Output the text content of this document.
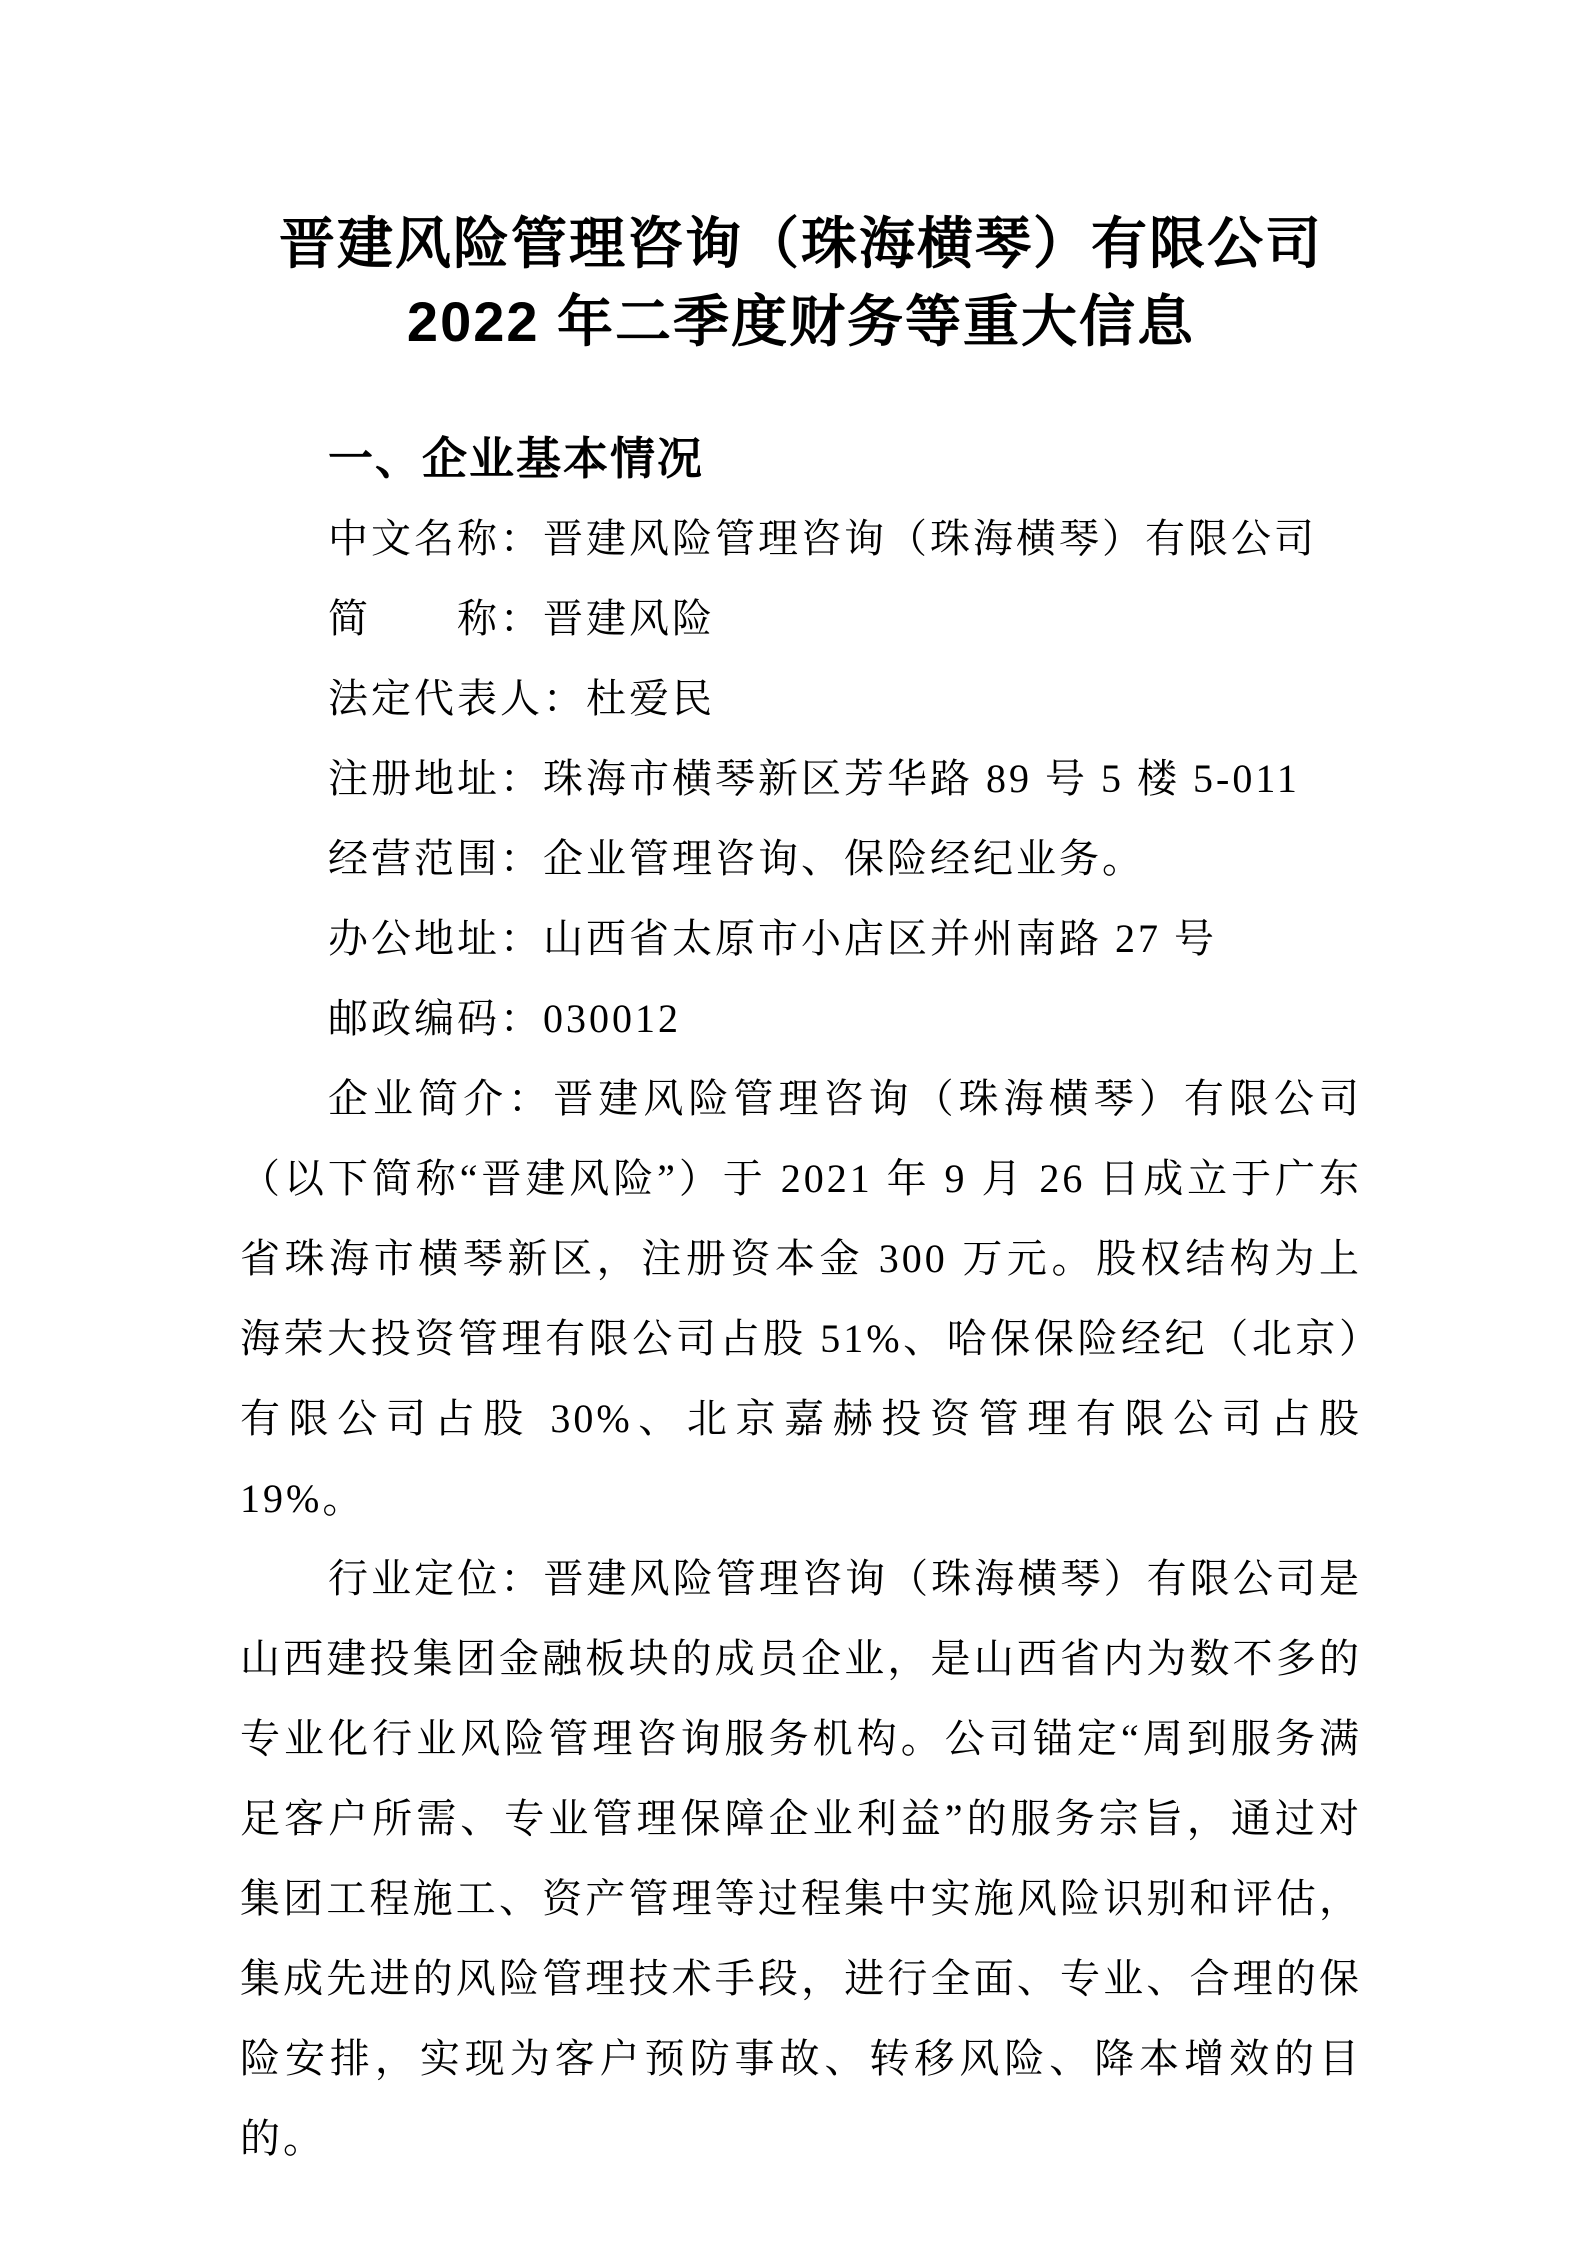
晋建风险管理咨询（珠海横琴）有限公司
2022 年二季度财务等重大信息
一、企业基本情况
中文名称：晋建风险管理咨询（珠海横琴）有限公司
简　　称：晋建风险
法定代表人：杜爱民
注册地址：珠海市横琴新区芳华路 89 号 5 楼 5-011
经营范围：企业管理咨询、保险经纪业务。
办公地址：山西省太原市小店区并州南路 27 号
邮政编码：030012

企业简介：晋建风险管理咨询（珠海横琴）有限公司（以下简称“晋建风险”）于 2021 年 9 月 26 日成立于广东省珠海市横琴新区，注册资本金 300 万元。股权结构为上海荣大投资管理有限公司占股 51%、哈保保险经纪（北京）有限公司占股 30%、北京嘉赫投资管理有限公司占股 19%。

行业定位：晋建风险管理咨询（珠海横琴）有限公司是山西建投集团金融板块的成员企业，是山西省内为数不多的专业化行业风险管理咨询服务机构。公司锚定“周到服务满足客户所需、专业管理保障企业利益”的服务宗旨，通过对集团工程施工、资产管理等过程集中实施风险识别和评估，集成先进的风险管理技术手段，进行全面、专业、合理的保险安排，实现为客户预防事故、转移风险、降本增效的目的。
